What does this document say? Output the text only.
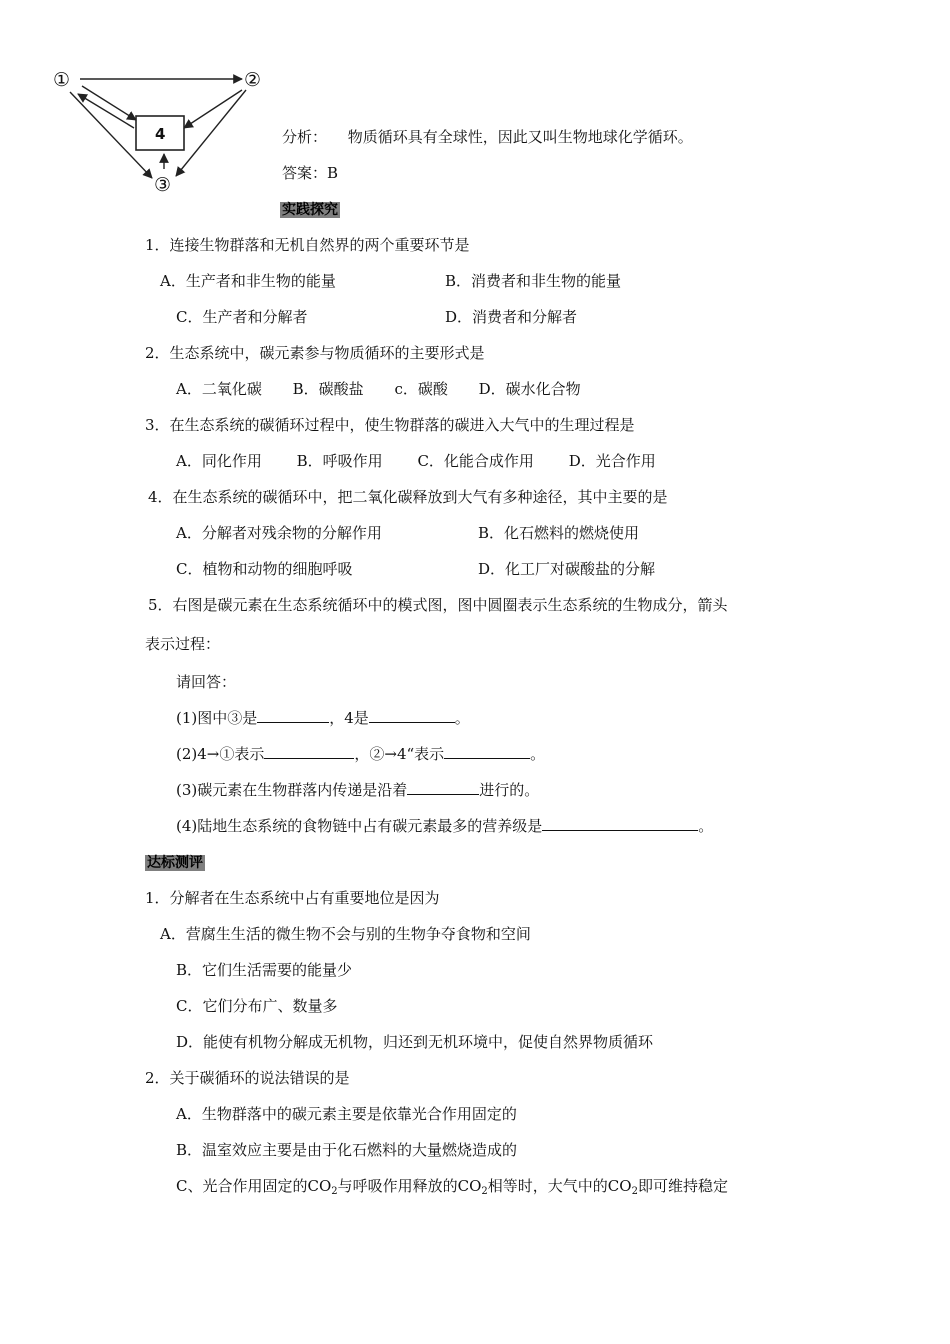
①	②
③
4	分析： 物质循环具有全球性，因此又叫生物地球化学循环。
答案：B
实践探究
1．连接生物群落和无机自然界的两个重要环节是
A．生产者和非生物的能量	B．消费者和非生物的能量
C．生产者和分解者	D．消费者和分解者
2．生态系统中，碳元素参与物质循环的主要形式是
A．二氧化碳 B．碳酸盐 c．碳酸 D．碳水化合物
3．在生态系统的碳循环过程中，使生物群落的碳进入大气中的生理过程是
A．同化作用 B．呼吸作用 C．化能合成作用 D．光合作用
4．在生态系统的碳循环中，把二氧化碳释放到大气有多种途径，其中主要的是
A．分解者对残余物的分解作用	B．化石燃料的燃烧使用
C．植物和动物的细胞呼吸	D．化工厂对碳酸盐的分解
5．右图是碳元素在生态系统循环中的模式图，图中圆圈表示生态系统的生物成分，箭头
表示过程：
请回答：
(1)图中③是	，4是	。
(2)4→①表示	，②→4“表示	。
(3)碳元素在生物群落内传递是沿着	进行的。
(4)陆地生态系统的食物链中占有碳元素最多的营养级是	。
达标测评
1．分解者在生态系统中占有重要地位是因为
A．营腐生生活的微生物不会与别的生物争夺食物和空间
B．它们生活需要的能量少
C．它们分布广、数量多
D．能使有机物分解成无机物，归还到无机环境中，促使自然界物质循环
2．关于碳循环的说法错误的是
A．生物群落中的碳元素主要是依靠光合作用固定的
B．温室效应主要是由于化石燃料的大量燃烧造成的
C、光合作用固定的$CO_2$与呼吸作用释放的$CO_2$相等时，大气中的$CO_2$即可维持稳定
